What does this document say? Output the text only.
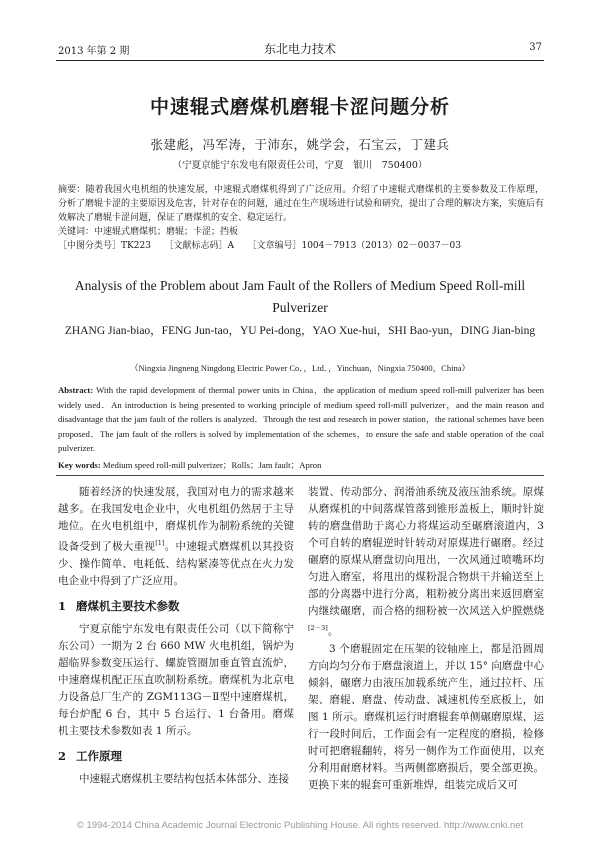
2013 年第 2 期	东北电力技术	37
中速辊式磨煤机磨辊卡涩问题分析
张建彪，冯军涛，于沛东，姚学会，石宝云，丁建兵
（宁夏京能宁东发电有限责任公司，宁夏　银川　750400）

摘要：随着我国火电机组的快速发展，中速辊式磨煤机得到了广泛应用。介绍了中速辊式磨煤机的主要参数及工作原理，分析了磨辊卡涩的主要原因及危害，针对存在的问题，通过在生产现场进行试验和研究，提出了合理的解决方案，实施后有效解决了磨辊卡涩问题，保证了磨煤机的安全、稳定运行。

关键词：中速辊式磨煤机；磨辊；卡涩；挡板

［中图分类号］TK223　　 ［文献标志码］A　　 ［文章编号］1004－7913（2013）02－0037－03

Analysis of the Problem about Jam Fault of the Rollers of Medium Speed Roll-mill Pulverizer
ZHANG Jian-biao，FENG Jun-tao，YU Pei-dong，YAO Xue-hui，SHI Bao-yun，DING Jian-bing
（Ningxia Jingneng Ningdong Electric Power Co．，Ltd．，Yinchuan，Ningxia 750400，China）

Abstract: With the rapid development of thermal power units in China，the application of medium speed roll-mill pulverizer has been widely used．An introduction is being presented to working principle of medium speed roll-mill pulverizer，and the main reason and disadvantage that the jam fault of the rollers is analyzed．Through the test and research in power station，the rational schemes have been proposed．The jam fault of the rollers is solved by implementation of the schemes，to ensure the safe and stable operation of the coal pulverizer.

Key words: Medium speed roll-mill pulverizer；Rolls；Jam fault；Apron

随着经济的快速发展，我国对电力的需求越来越多。在我国发电企业中，火电机组仍然居于主导地位。在火电机组中，磨煤机作为制粉系统的关键设备受到了极大重视[1]。中速辊式磨煤机以其投资少、操作简单、电耗低、结构紧凑等优点在火力发电企业中得到了广泛应用。

1 磨煤机主要技术参数

宁夏京能宁东发电有限责任公司（以下简称宁东公司）一期为 2 台 660 MW 火电机组，锅炉为超临界参数变压运行、螺旋管圈加垂直管直流炉，中速磨煤机配正压直吹制粉系统。磨煤机为北京电力设备总厂生产的 ZGM113G－Ⅱ型中速磨煤机，每台炉配 6 台，其中 5 台运行、1 台备用。磨煤机主要技术参数如表 1 所示。

2 工作原理

中速辊式磨煤机主要结构包括本体部分、连接

装置、传动部分、润滑油系统及液压油系统。原煤从磨煤机的中间落煤管落到锥形盖板上，顺时针旋转的磨盘借助于离心力将煤运动至碾磨滚道内，3 个可自转的磨辊逆时针转动对原煤进行碾磨。经过碾磨的原煤从磨盘切向甩出，一次风通过喷嘴环均匀进入磨室，将甩出的煤粉混合物烘干并输送至上部的分离器中进行分离，粗粉被分离出来返回磨室内继续碾磨，而合格的细粉被一次风送入炉膛燃烧[2－3]。

3 个磨辊固定在压架的铰轴座上，都是沿圆周方向均匀分布于磨盘滚道上，并以 15° 向磨盘中心倾斜，碾磨力由液压加载系统产生，通过拉杆、压架、磨辊、磨盘、传动盘、减速机传至底板上，如图 1 所示。磨煤机运行时磨辊套单侧碾磨原煤，运行一段时间后，工作面会有一定程度的磨损，检修时可把磨辊翻转，将另一侧作为工作面使用，以充分利用耐磨材料。当两侧都磨损后，要全部更换。更换下来的辊套可重新堆焊，组装完成后又可

© 1994-2014 China Academic Journal Electronic Publishing House. All rights reserved. http://www.cnki.net
